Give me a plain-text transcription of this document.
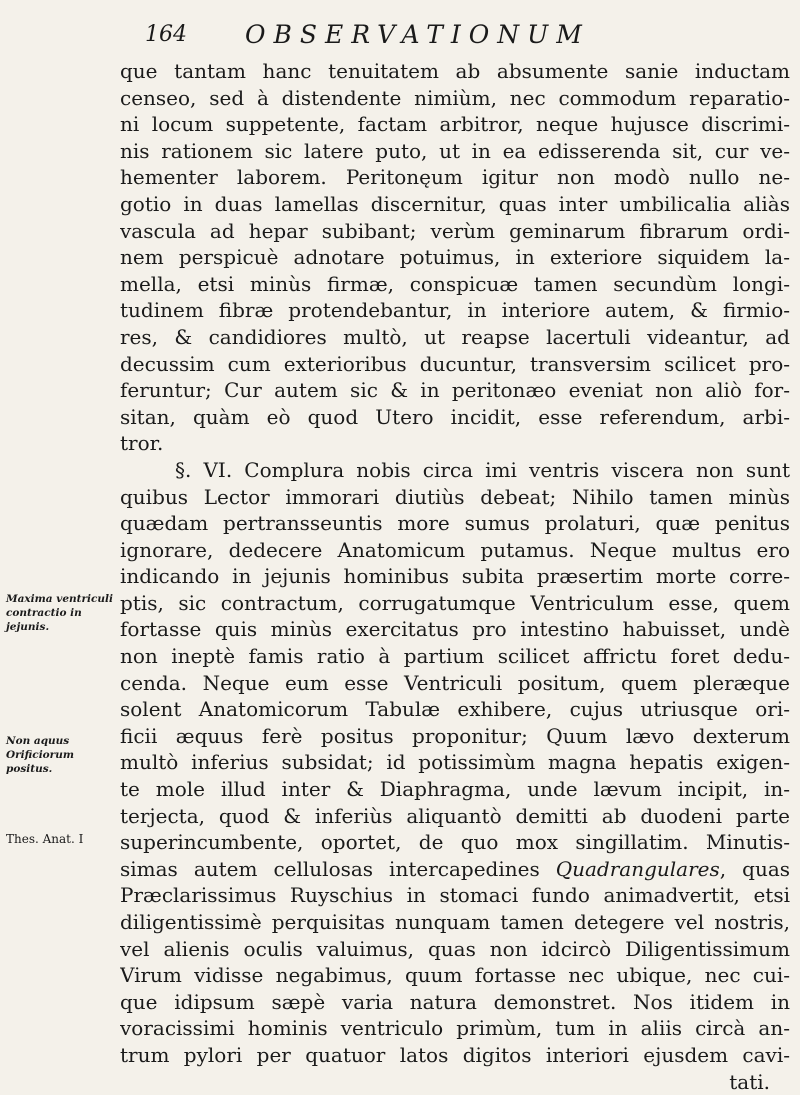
164 OBSERVATIONUM
que tantam hanc tenuitatem ab absumente sanie inductam
censeo, sed à distendente nimiùm, nec commodum reparatio-
ni locum suppetente, factam arbitror, neque hujusce discrimi-
nis rationem sic latere puto, ut in ea edisserenda sit, cur ve-
hementer laborem. Peritonęum igitur non modò nullo ne-
gotio in duas lamellas discernitur, quas inter umbilicalia aliàs
vascula ad hepar subibant; verùm geminarum fibrarum ordi-
nem perspicuè adnotare potuimus, in exteriore siquidem la-
mella, etsi minùs firmæ, conspicuæ tamen secundùm longi-
tudinem fibræ protendebantur, in interiore autem, & firmio-
res, & candidiores multò, ut reapse lacertuli videantur, ad
decussim cum exterioribus ducuntur, transversim scilicet pro-
feruntur; Cur autem sic & in peritonæo eveniat non aliò for-
sitan, quàm eò quod Utero incidit, esse referendum, arbi-
tror.
§. VI. Complura nobis circa imi ventris viscera non sunt
quibus Lector immorari diutiùs debeat; Nihilo tamen minùs
quædam pertransseuntis more sumus prolaturi, quæ penitus
ignorare, dedecere Anatomicum putamus. Neque multus ero
indicando in jejunis hominibus subita præsertim morte corre-
ptis, sic contractum, corrugatumque Ventriculum esse, quem
fortasse quis minùs exercitatus pro intestino habuisset, undè
non ineptè famis ratio à partium scilicet affrictu foret dedu-
cenda. Neque eum esse Ventriculi positum, quem pleræque
solent Anatomicorum Tabulæ exhibere, cujus utriusque ori-
ficii æquus ferè positus proponitur; Quum lævo dexterum
multò inferius subsidat; id potissimùm magna hepatis exigen-
te mole illud inter & Diaphragma, unde lævum incipit, in-
terjecta, quod & inferiùs aliquantò demitti ab duodeni parte
superincumbente, oportet, de quo mox singillatim. Minutis-
simas autem cellulosas intercapedines Quadrangulares, quas
Præclarissimus Ruyschius in stomaci fundo animadvertit, etsi
diligentissimè perquisitas nunquam tamen detegere vel nostris,
vel alienis oculis valuimus, quas non idcircò Diligentissimum
Virum vidisse negabimus, quum fortasse nec ubique, nec cui-
que idipsum sæpè varia natura demonstret. Nos itidem in
voracissimi hominis ventriculo primùm, tum in aliis circà an-
trum pylori per quatuor latos digitos interiori ejusdem cavi-
tati.
Maxima ventriculi contractio in jejunis.
Non aquus Orificiorum positus.
Thes. Anat. I
